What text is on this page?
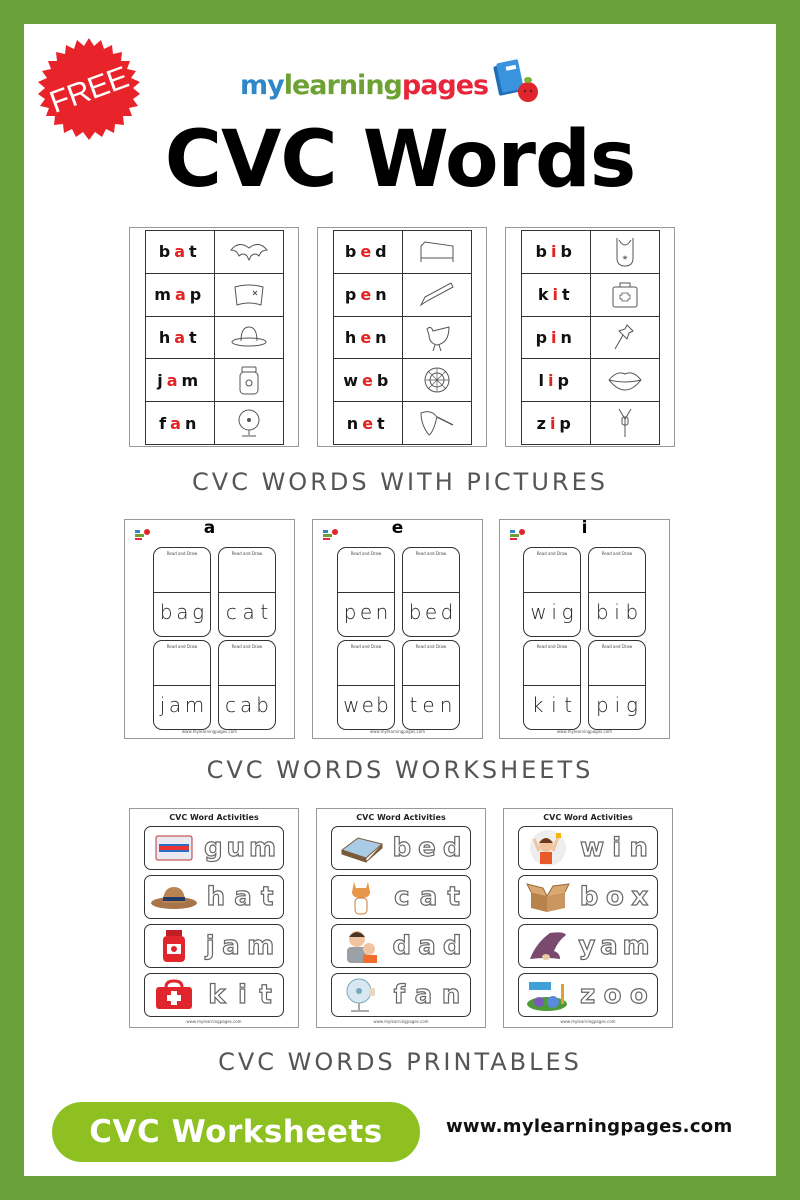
FREE	mylearningpages
CVC Words
b a t
m a p
h a t
j a m
f a n
b e d
p e n
h e n
w e b
n e t
b i b
k i t
p i n
l i p
z i p
CVC WORDS WITH PICTURES
a
Read and Draw
b a g
Read and Draw
c a t
Read and Draw
j a m
Read and Draw
c a b
www.mylearningpages.com
e
Read and Draw
p e n
Read and Draw
b e d
Read and Draw
w e b
Read and Draw
t e n
www.mylearningpages.com
i
Read and Draw
w i g
Read and Draw
b i b
Read and Draw
k i t
Read and Draw
p i g
www.mylearningpages.com
CVC WORDS WORKSHEETS
CVC Word Activities
g u m
h a t
j a m
k i t
www.mylearningpages.com
CVC Word Activities
b e d
c a t
d a d
f a n
www.mylearningpages.com
CVC Word Activities
w i n
b o x
y a m
z o o
www.mylearningpages.com
CVC WORDS PRINTABLES
CVC Worksheets	www.mylearningpages.com
